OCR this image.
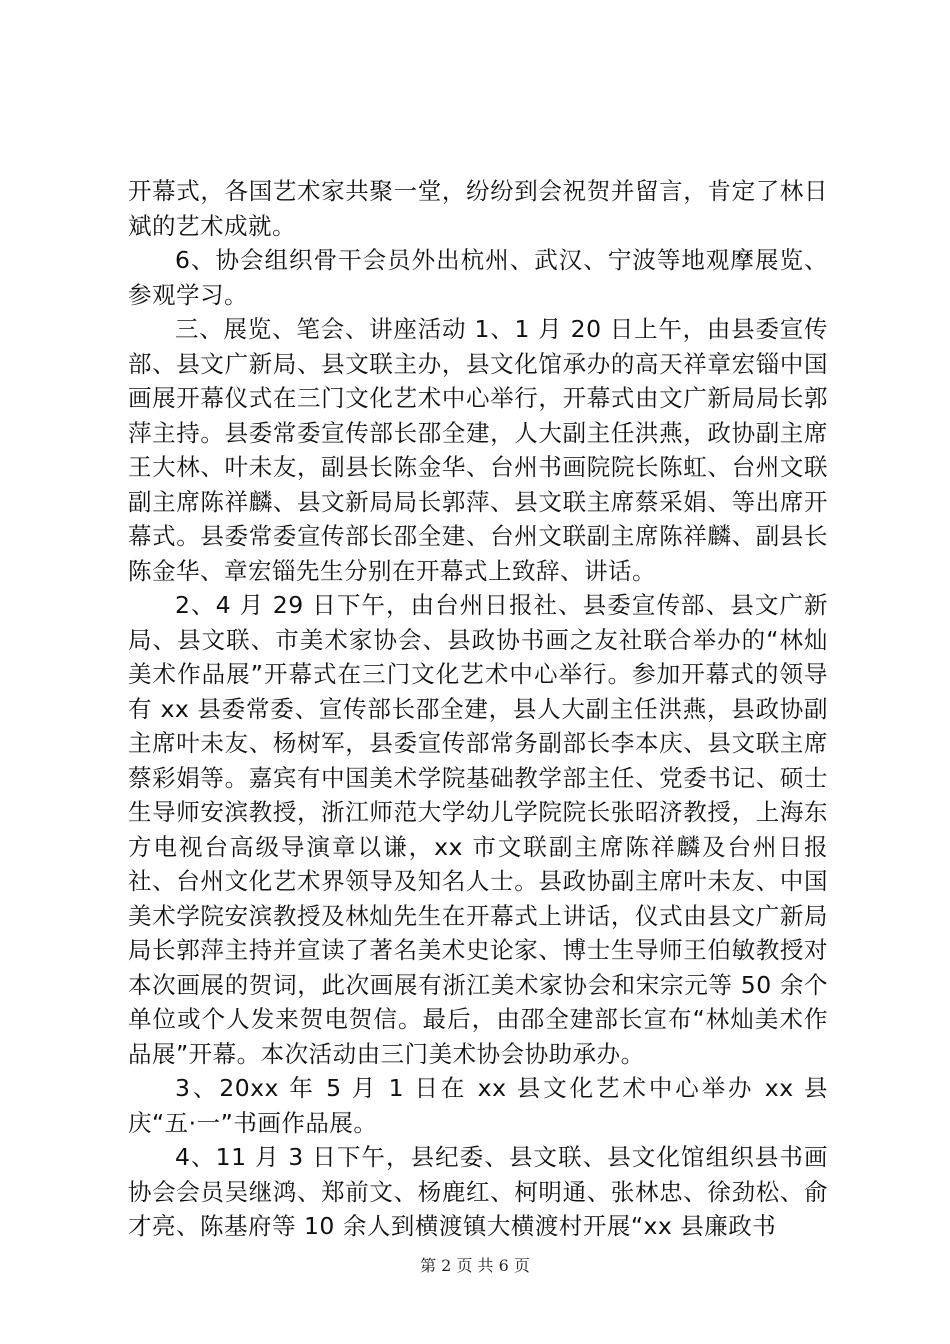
开幕式，各国艺术家共聚一堂，纷纷到会祝贺并留言，肯定了林日斌的艺术成就。

6、协会组织骨干会员外出杭州、武汉、宁波等地观摩展览、参观学习。

三、展览、笔会、讲座活动 1、1 月 20 日上午，由县委宣传部、县文广新局、县文联主办，县文化馆承办的高天祥章宏锱中国画展开幕仪式在三门文化艺术中心举行，开幕式由文广新局局长郭萍主持。县委常委宣传部长邵全建，人大副主任洪燕，政协副主席王大林、叶未友，副县长陈金华、台州书画院院长陈虹、台州文联副主席陈祥麟、县文新局局长郭萍、县文联主席蔡采娟、等出席开幕式。县委常委宣传部长邵全建、台州文联副主席陈祥麟、副县长陈金华、章宏锱先生分别在开幕式上致辞、讲话。

2、4 月 29 日下午，由台州日报社、县委宣传部、县文广新局、县文联、市美术家协会、县政协书画之友社联合举办的“林灿美术作品展”开幕式在三门文化艺术中心举行。参加开幕式的领导有 xx 县委常委、宣传部长邵全建，县人大副主任洪燕，县政协副主席叶未友、杨树军，县委宣传部常务副部长李本庆、县文联主席蔡彩娟等。嘉宾有中国美术学院基础教学部主任、党委书记、硕士生导师安滨教授，浙江师范大学幼儿学院院长张昭济教授，上海东方电视台高级导演章以谦，xx 市文联副主席陈祥麟及台州日报社、台州文化艺术界领导及知名人士。县政协副主席叶未友、中国美术学院安滨教授及林灿先生在开幕式上讲话，仪式由县文广新局局长郭萍主持并宣读了著名美术史论家、博士生导师王伯敏教授对本次画展的贺词，此次画展有浙江美术家协会和宋宗元等 50 余个单位或个人发来贺电贺信。最后，由邵全建部长宣布“林灿美术作品展”开幕。本次活动由三门美术协会协助承办。

3、20xx 年 5 月 1 日在 xx 县文化艺术中心举办 xx 县庆“五·一”书画作品展。

4、11 月 3 日下午，县纪委、县文联、县文化馆组织县书画协会会员吴继鸿、郑前文、杨鹿红、柯明通、张林忠、徐劲松、俞才亮、陈基府等 10 余人到横渡镇大横渡村开展“xx 县廉政书

第 2 页 共 6 页
